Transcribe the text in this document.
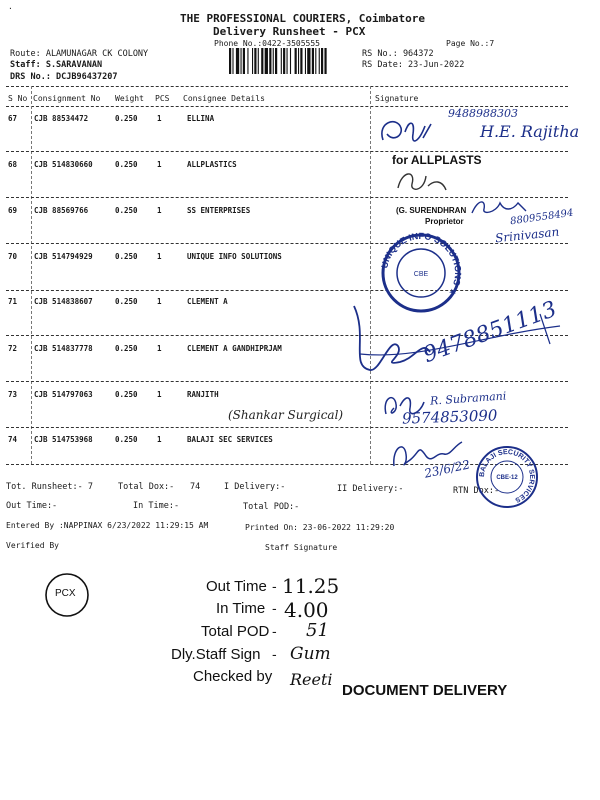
·
THE PROFESSIONAL COURIERS, Coimbatore
Delivery Runsheet - PCX
Phone No.:0422-3505555	Page No.:7
Route: ALAMUNAGAR CK COLONY
Staff: S.SARAVANAN
DRS No.: DCJB96437207
RS No.: 964372
RS Date: 23-Jun-2022
S No Consignment No Weight PCS Consignee Details	Signature
67 CJB 88534472	0.250	1	ELLINA
68 CJB 514830660	0.250	1	ALLPLASTICS
69 CJB 88569766	0.250	1	SS ENTERPRISES
70 CJB 514794929	0.250	1	UNIQUE INFO SOLUTIONS
71 CJB 514838607	0.250	1	CLEMENT A
72 CJB 514837778	0.250	1	CLEMENT A GANDHIPRJAM
73 CJB 514797063	0.250	1	RANJITH
74 CJB 514753968	0.250	1	BALAJI SEC SERVICES
Tot. Runsheet:- 7	Total Dox:- 74	I Delivery:-	II Delivery:-	RTN Dox:-
Out Time:-	In Time:-	Total POD:-
Entered By :NAPPINAX 6/23/2022 11:29:15 AM	Printed On: 23-06-2022 11:29:20
Verified By	Staff Signature
9488988303
H.E. Rajitha
for ALLPLASTS
(G. SURENDHRAN
Proprietor	8809558494
Srinivasan
UNIQUE INFO SOLUTIONS ★
CBE
9478851113
(Shankar Surgical)
R. Subramani
9574853090
23/6/22 BALAJI SECURITY SERVICES
CBE-12
PCX	Out Time
In Time
Total POD
Dly.Staff Sign
Checked by
-
-
-
-
11.25
4.00
51
Gum
Reeti
DOCUMENT DELIVERY
